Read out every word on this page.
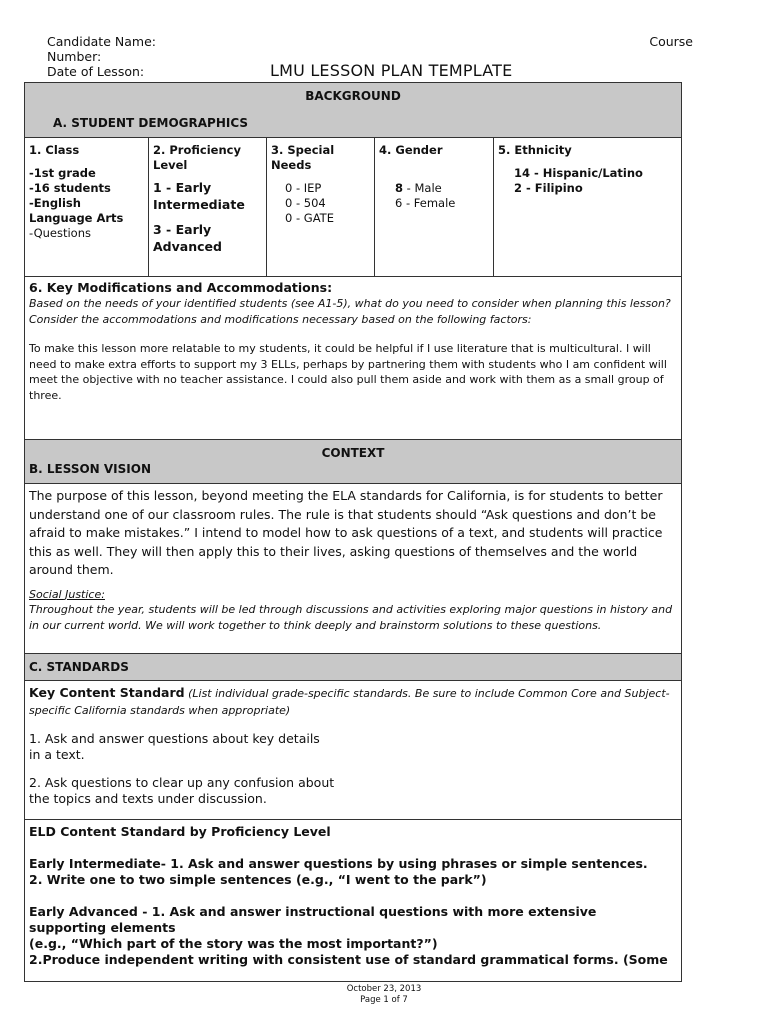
Candidate Name:
Number:
Date of Lesson:
Course
LMU LESSON PLAN TEMPLATE
BACKGROUND
A. STUDENT DEMOGRAPHICS
1. Class
-1st grade
-16 students
-English Language Arts
-Questions
2. Proficiency Level
1 - Early Intermediate
3 - Early Advanced
3. Special Needs
0 - IEP
0 - 504
0 - GATE
4. Gender
8 - Male
6 - Female
5. Ethnicity
14 - Hispanic/Latino
2 - Filipino
6. Key Modifications and Accommodations:
Based on the needs of your identified students (see A1-5), what do you need to consider when planning this lesson? Consider the accommodations and modifications necessary based on the following factors:
To make this lesson more relatable to my students, it could be helpful if I use literature that is multicultural. I will need to make extra efforts to support my 3 ELLs, perhaps by partnering them with students who I am confident will meet the objective with no teacher assistance. I could also pull them aside and work with them as a small group of three.
CONTEXT
B. LESSON VISION
The purpose of this lesson, beyond meeting the ELA standards for California, is for students to better understand one of our classroom rules. The rule is that students should “Ask questions and don’t be afraid to make mistakes.” I intend to model how to ask questions of a text, and students will practice this as well. They will then apply this to their lives, asking questions of themselves and the world around them.
Social Justice:
Throughout the year, students will be led through discussions and activities exploring major questions in history and in our current world. We will work together to think deeply and brainstorm solutions to these questions.
C. STANDARDS
Key Content Standard (List individual grade-specific standards. Be sure to include Common Core and Subject-specific California standards when appropriate)
1. Ask and answer questions about key details
in a text.
2. Ask questions to clear up any confusion about
the topics and texts under discussion.

ELD Content Standard by Proficiency Level

Early Intermediate- 1. Ask and answer questions by using phrases or simple sentences.
2. Write one to two simple sentences (e.g., “I went to the park”)
Early Advanced - 1. Ask and answer instructional questions with more extensive supporting elements
(e.g., “Which part of the story was the most important?”)
2.Produce independent writing with consistent use of standard grammatical forms. (Some
October 23, 2013
Page 1 of 7
